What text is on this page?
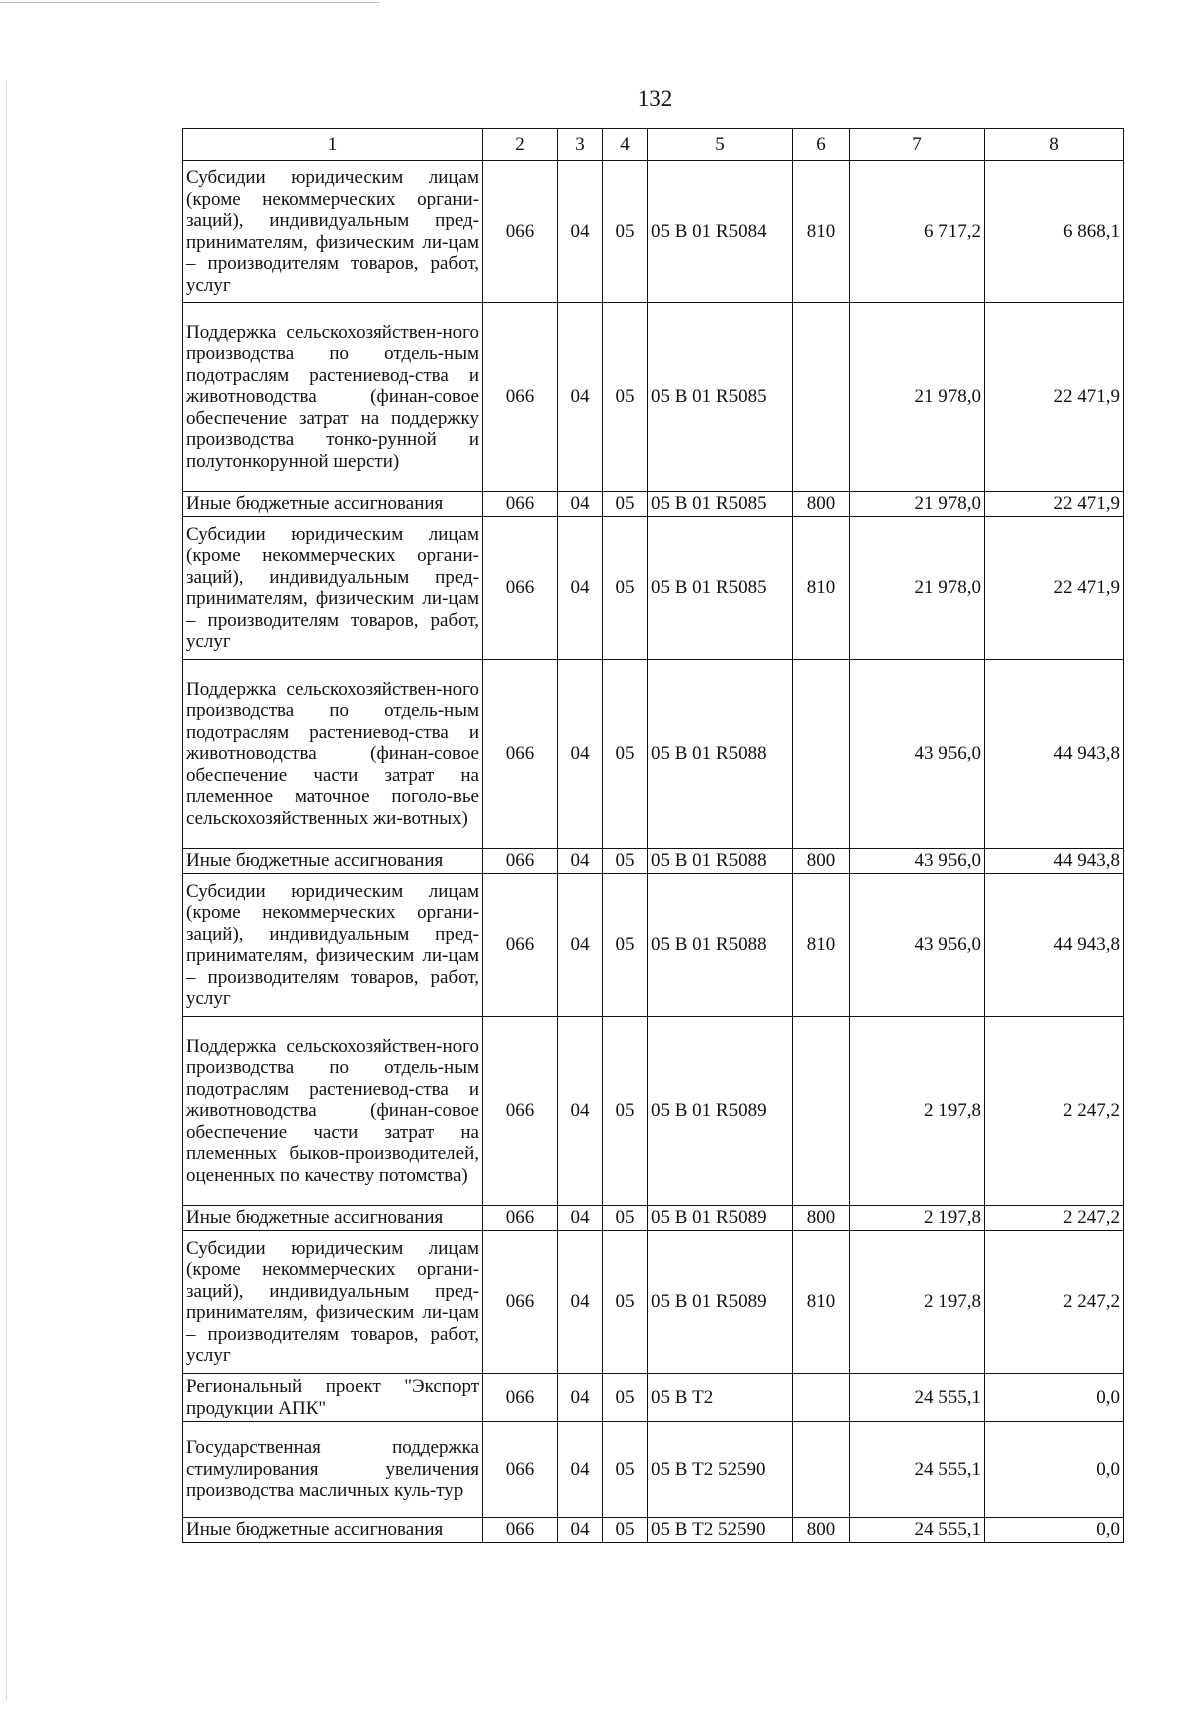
132
1	2	3	4	5	6	7	8
Субсидии юридическим лицам (кроме некоммерческих органи-заций), индивидуальным пред-принимателям, физическим ли-цам – производителям товаров, работ, услуг	066	04	05	05 В 01 R5084	810	6 717,2	6 868,1
Поддержка сельскохозяйствен-ного производства по отдель-ным подотраслям растениевод-ства и животноводства (финан-совое обеспечение затрат на поддержку производства тонко-рунной и полутонкорунной шерсти)	066	04	05	05 В 01 R5085		21 978,0	22 471,9
Иные бюджетные ассигнования	066	04	05	05 В 01 R5085	800	21 978,0	22 471,9
Субсидии юридическим лицам (кроме некоммерческих органи-заций), индивидуальным пред-принимателям, физическим ли-цам – производителям товаров, работ, услуг	066	04	05	05 В 01 R5085	810	21 978,0	22 471,9
Поддержка сельскохозяйствен-ного производства по отдель-ным подотраслям растениевод-ства и животноводства (финан-совое обеспечение части затрат на племенное маточное поголо-вье сельскохозяйственных жи-вотных)	066	04	05	05 В 01 R5088		43 956,0	44 943,8
Иные бюджетные ассигнования	066	04	05	05 В 01 R5088	800	43 956,0	44 943,8
Субсидии юридическим лицам (кроме некоммерческих органи-заций), индивидуальным пред-принимателям, физическим ли-цам – производителям товаров, работ, услуг	066	04	05	05 В 01 R5088	810	43 956,0	44 943,8
Поддержка сельскохозяйствен-ного производства по отдель-ным подотраслям растениевод-ства и животноводства (финан-совое обеспечение части затрат на племенных быков-производителей, оцененных по качеству потомства)	066	04	05	05 В 01 R5089		2 197,8	2 247,2
Иные бюджетные ассигнования	066	04	05	05 В 01 R5089	800	2 197,8	2 247,2
Субсидии юридическим лицам (кроме некоммерческих органи-заций), индивидуальным пред-принимателям, физическим ли-цам – производителям товаров, работ, услуг	066	04	05	05 В 01 R5089	810	2 197,8	2 247,2
Региональный проект "Экспорт продукции АПК"	066	04	05	05 В Т2		24 555,1	0,0
Государственная поддержка стимулирования увеличения производства масличных куль-тур	066	04	05	05 В Т2 52590		24 555,1	0,0
Иные бюджетные ассигнования	066	04	05	05 В Т2 52590	800	24 555,1	0,0
